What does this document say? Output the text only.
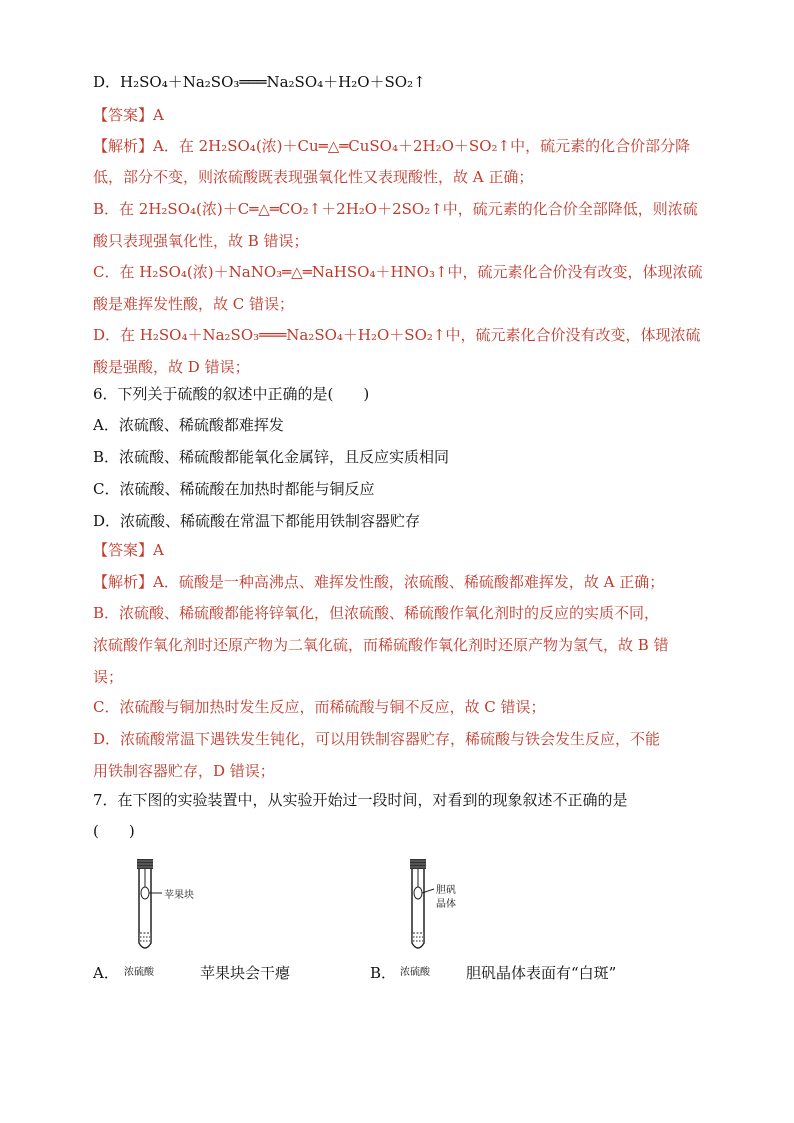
D．H₂SO₄＋Na₂SO₃═══Na₂SO₄＋H₂O＋SO₂↑
【答案】A
【解析】A．在 2H₂SO₄(浓)＋Cu═△═CuSO₄＋2H₂O＋SO₂↑中，硫元素的化合价部分降
低，部分不变，则浓硫酸既表现强氧化性又表现酸性，故 A 正确；
B．在 2H₂SO₄(浓)＋C═△═CO₂↑＋2H₂O＋2SO₂↑中，硫元素的化合价全部降低，则浓硫
酸只表现强氧化性，故 B 错误；
C．在 H₂SO₄(浓)＋NaNO₃═△═NaHSO₄＋HNO₃↑中，硫元素化合价没有改变，体现浓硫
酸是难挥发性酸，故 C 错误；
D．在 H₂SO₄＋Na₂SO₃═══Na₂SO₄＋H₂O＋SO₂↑中，硫元素化合价没有改变，体现浓硫
酸是强酸，故 D 错误；
6．下列关于硫酸的叙述中正确的是(　　)
A．浓硫酸、稀硫酸都难挥发
B．浓硫酸、稀硫酸都能氧化金属锌，且反应实质相同
C．浓硫酸、稀硫酸在加热时都能与铜反应
D．浓硫酸、稀硫酸在常温下都能用铁制容器贮存
【答案】A
【解析】A．硫酸是一种高沸点、难挥发性酸，浓硫酸、稀硫酸都难挥发，故 A 正确；
B．浓硫酸、稀硫酸都能将锌氧化，但浓硫酸、稀硫酸作氧化剂时的反应的实质不同，
浓硫酸作氧化剂时还原产物为二氧化硫，而稀硫酸作氧化剂时还原产物为氢气，故 B 错
误；
C．浓硫酸与铜加热时发生反应，而稀硫酸与铜不反应，故 C 错误；
D．浓硫酸常温下遇铁发生钝化，可以用铁制容器贮存，稀硫酸与铁会发生反应，不能
用铁制容器贮存，D 错误；
7．在下图的实验装置中，从实验开始过一段时间，对看到的现象叙述不正确的是
(　　)
苹果块
A． 浓硫酸	苹果块会干瘪
胆矾
晶体
B． 浓硫酸 胆矾晶体表面有“白斑”
